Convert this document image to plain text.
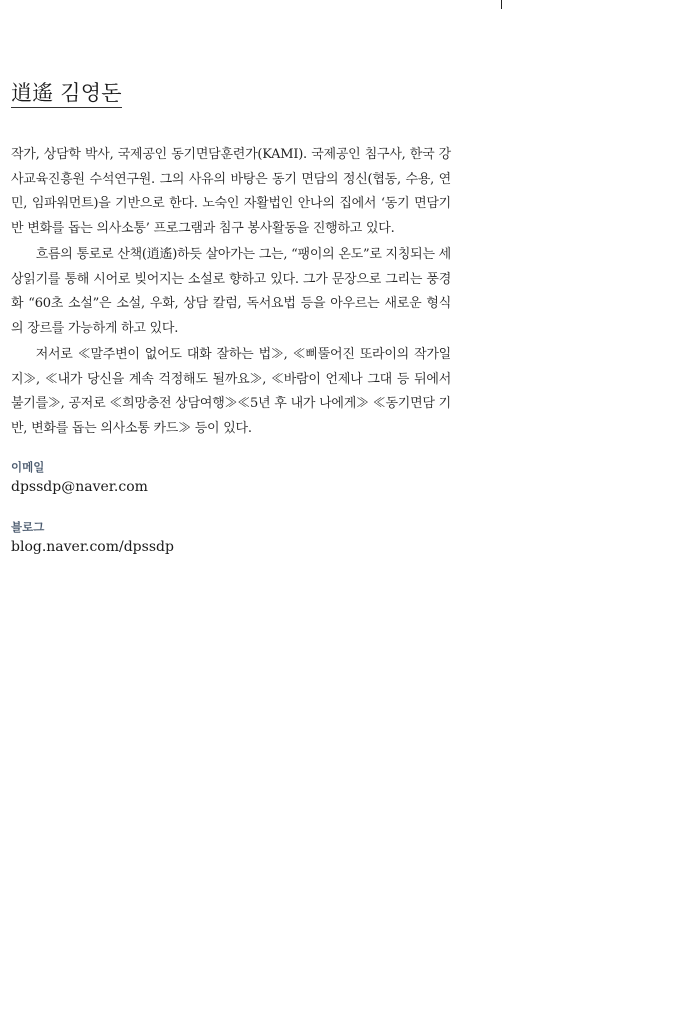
逍遙 김영돈

작가, 상담학 박사, 국제공인 동기면담훈련가(KAMI). 국제공인 침구사, 한국 강사교육진흥원 수석연구원. 그의 사유의 바탕은 동기 면담의 정신(협동, 수용, 연민, 임파워먼트)을 기반으로 한다. 노숙인 자활법인 안나의 집에서 ‘동기 면담기반 변화를 돕는 의사소통’ 프로그램과 침구 봉사활동을 진행하고 있다.

흐름의 통로로 산책(逍遙)하듯 살아가는 그는, “팽이의 온도”로 지칭되는 세상읽기를 통해 시어로 빚어지는 소설로 향하고 있다. 그가 문장으로 그리는 풍경화 “60초 소설”은 소설, 우화, 상담 칼럼, 독서요법 등을 아우르는 새로운 형식의 장르를 가능하게 하고 있다.

저서로 ≪말주변이 없어도 대화 잘하는 법≫, ≪삐뚤어진 또라이의 작가일지≫, ≪내가 당신을 계속 걱정해도 될까요≫, ≪바람이 언제나 그대 등 뒤에서 불기를≫, 공저로 ≪희망충전 상담여행≫≪5년 후 내가 나에게≫ ≪동기면담 기반, 변화를 돕는 의사소통 카드≫ 등이 있다.

이메일

dpssdp@naver.com

블로그

blog.naver.com/dpssdp
